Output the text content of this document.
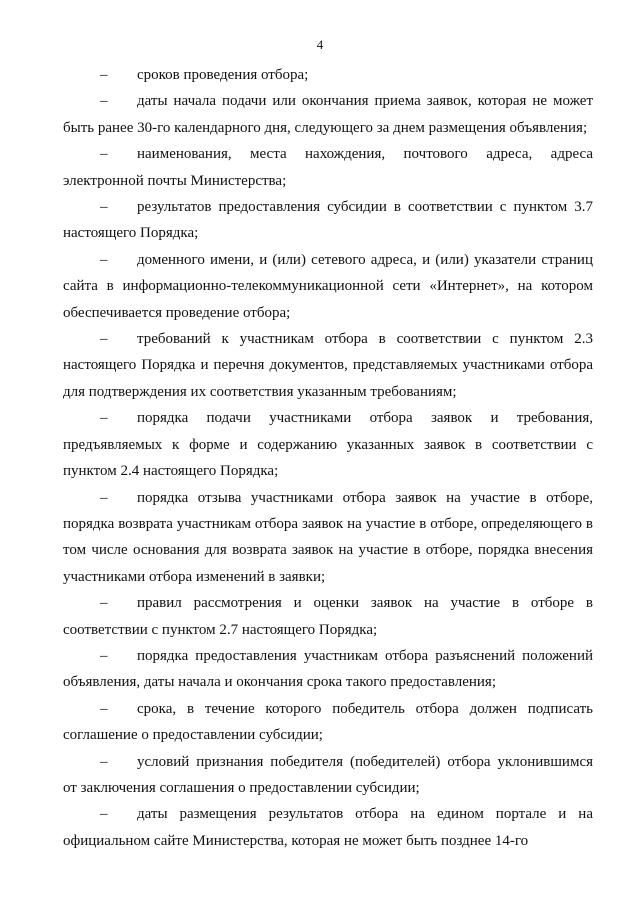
4

– сроков проведения отбора;

– даты начала подачи или окончания приема заявок, которая не может быть ранее 30-го календарного дня, следующего за днем размещения объявления;

– наименования, места нахождения, почтового адреса, адреса электронной почты Министерства;

– результатов предоставления субсидии в соответствии с пунктом 3.7 настоящего Порядка;

– доменного имени, и (или) сетевого адреса, и (или) указатели страниц сайта в информационно-телекоммуникационной сети «Интернет», на котором обеспечивается проведение отбора;

– требований к участникам отбора в соответствии с пунктом 2.3 настоящего Порядка и перечня документов, представляемых участниками отбора для подтверждения их соответствия указанным требованиям;

– порядка подачи участниками отбора заявок и требования, предъявляемых к форме и содержанию указанных заявок в соответствии с пунктом 2.4 настоящего Порядка;

– порядка отзыва участниками отбора заявок на участие в отборе, порядка возврата участникам отбора заявок на участие в отборе, определяющего в том числе основания для возврата заявок на участие в отборе, порядка внесения участниками отбора изменений в заявки;

– правил рассмотрения и оценки заявок на участие в отборе в соответствии с пунктом 2.7 настоящего Порядка;

– порядка предоставления участникам отбора разъяснений положений объявления, даты начала и окончания срока такого предоставления;

– срока, в течение которого победитель отбора должен подписать соглашение о предоставлении субсидии;

– условий признания победителя (победителей) отбора уклонившимся от заключения соглашения о предоставлении субсидии;

– даты размещения результатов отбора на едином портале и на официальном сайте Министерства, которая не может быть позднее 14-го
